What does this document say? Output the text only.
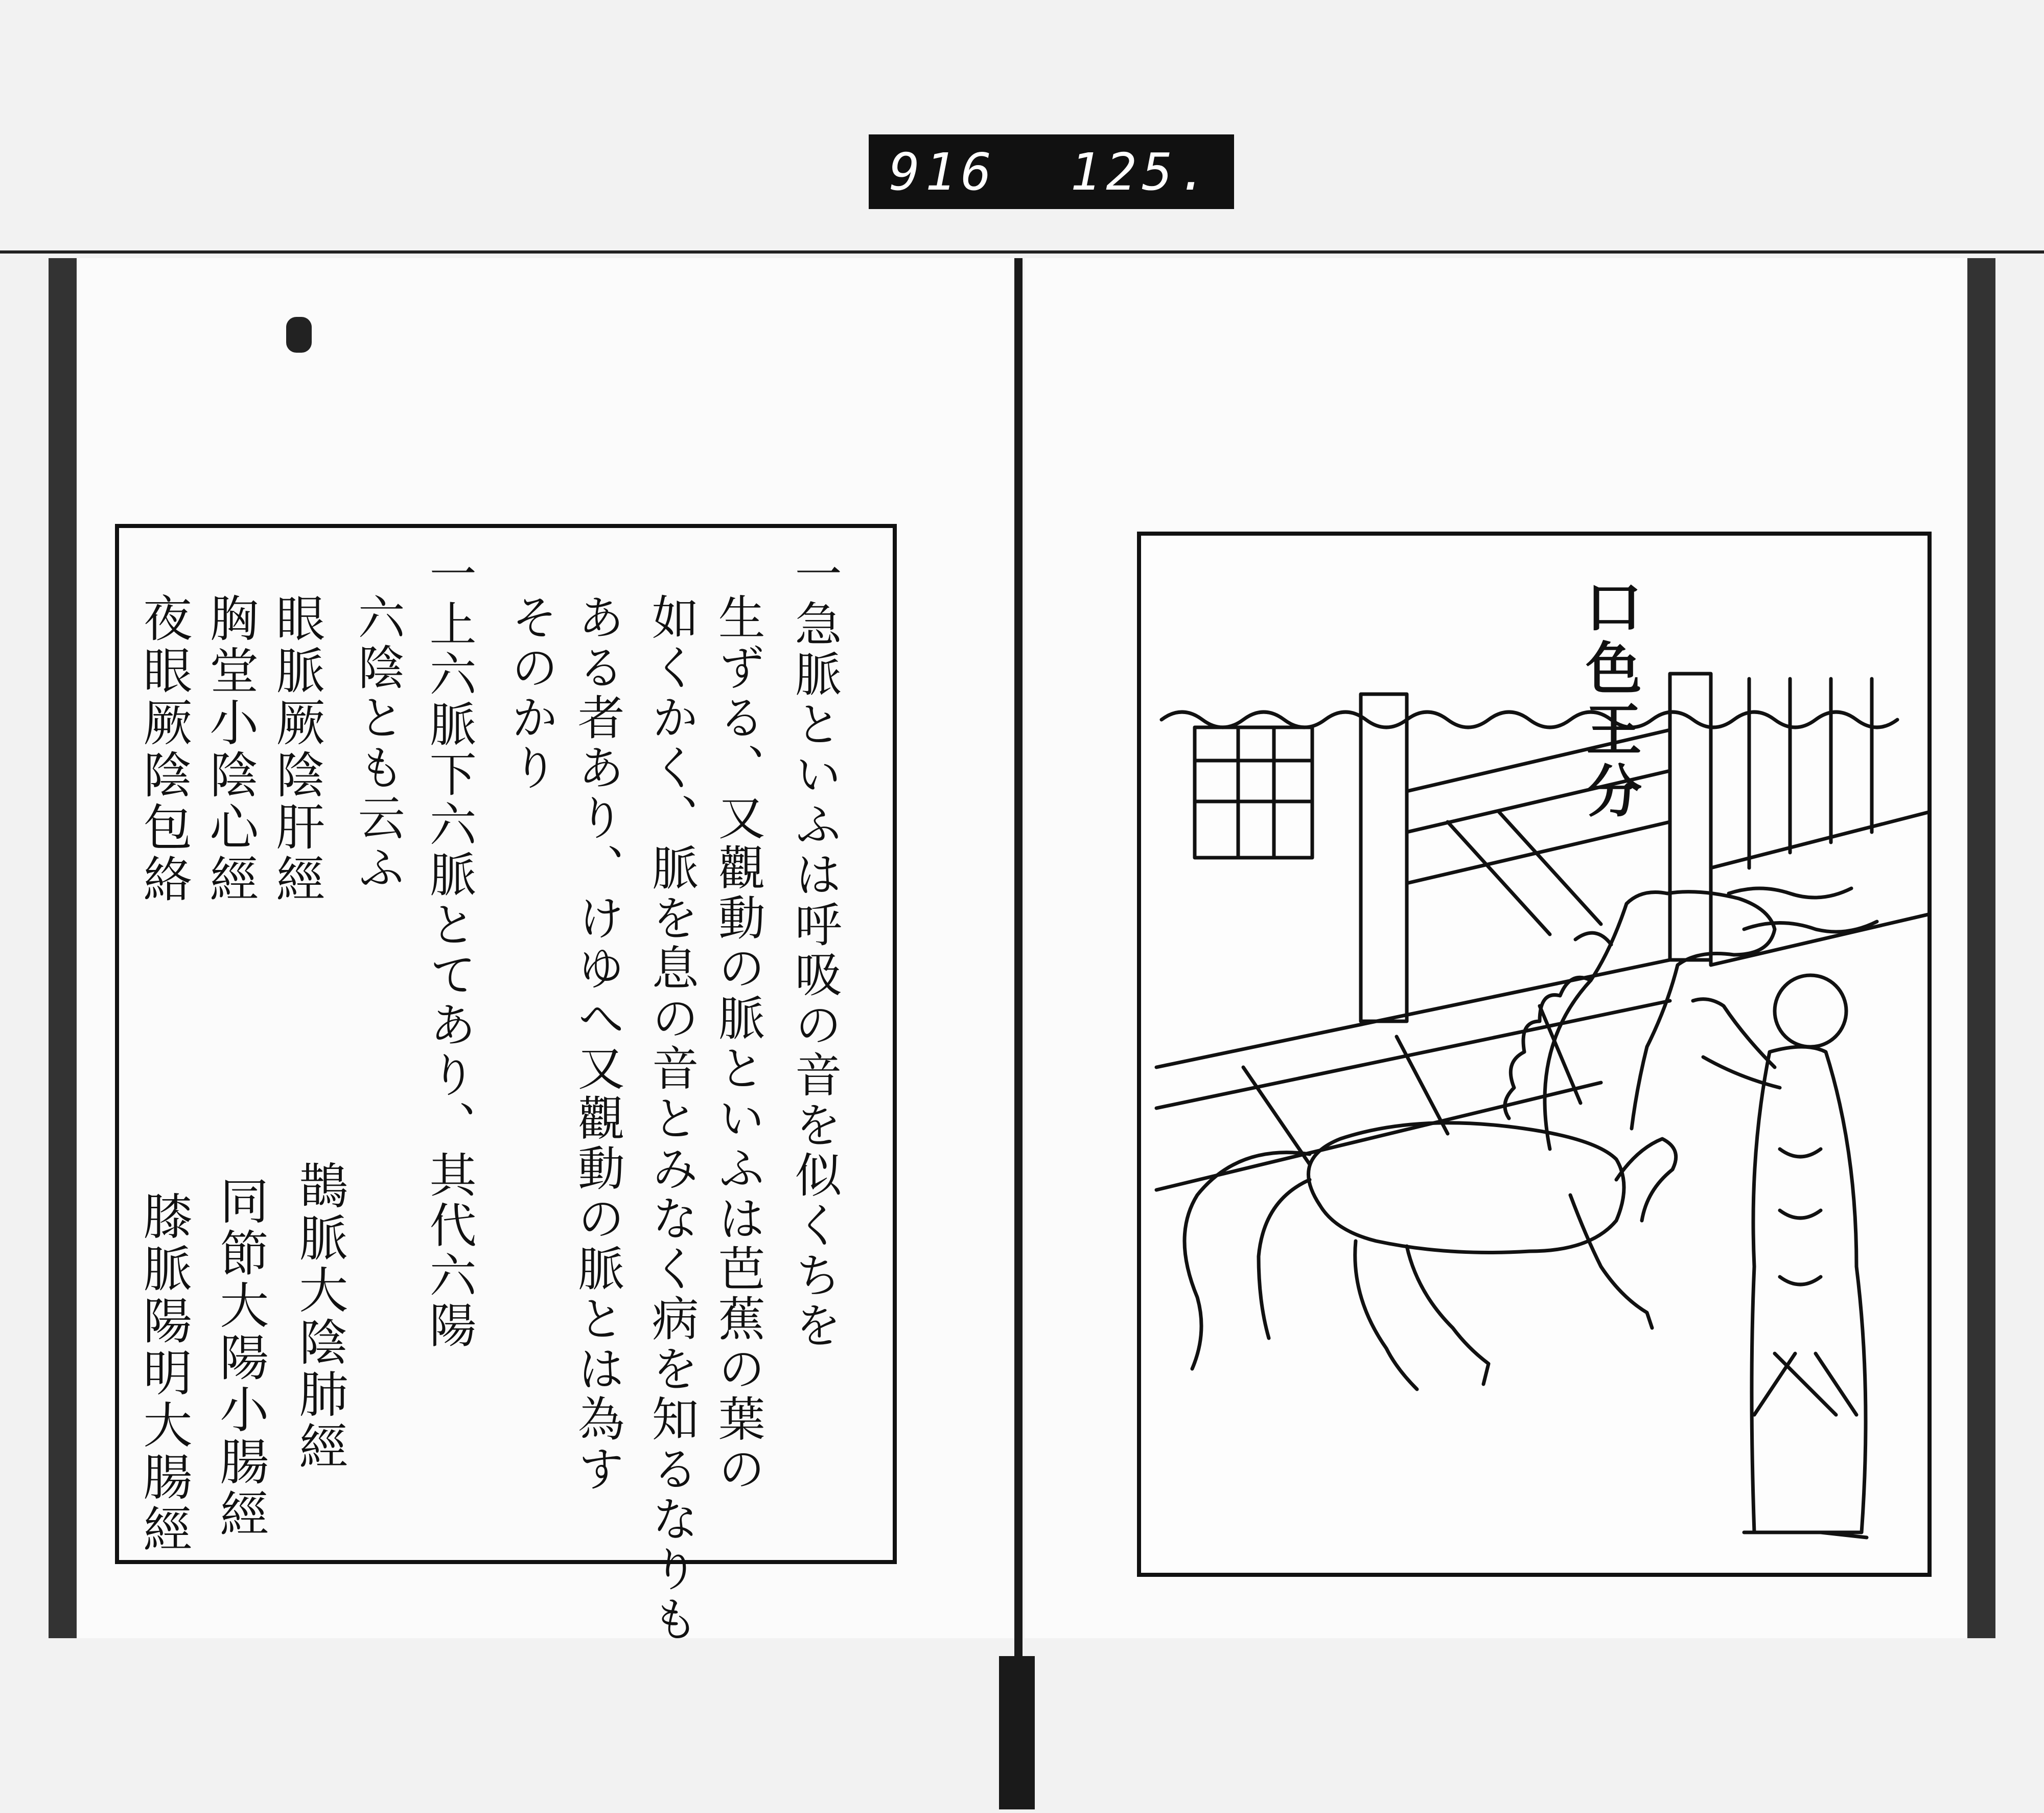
916 125.
一急脈といふは呼吸の音を似くちを
生ずる、又觀動の脈といふは芭蕉の葉の
如くかく、脈を息の音とみなく病を知るなりも
ある者あり、けゆへ又觀動の脈とは為す
そのかり
一上六脈下六脈とてあり、其代六陽
六陰とも云ふ
眼脈厥陰肝經
胸堂小陰心經
夜眼厥陰包絡
鵲脈大陰肺經
同節大陽小腸經
膝脈陽明大腸經
口色王分
